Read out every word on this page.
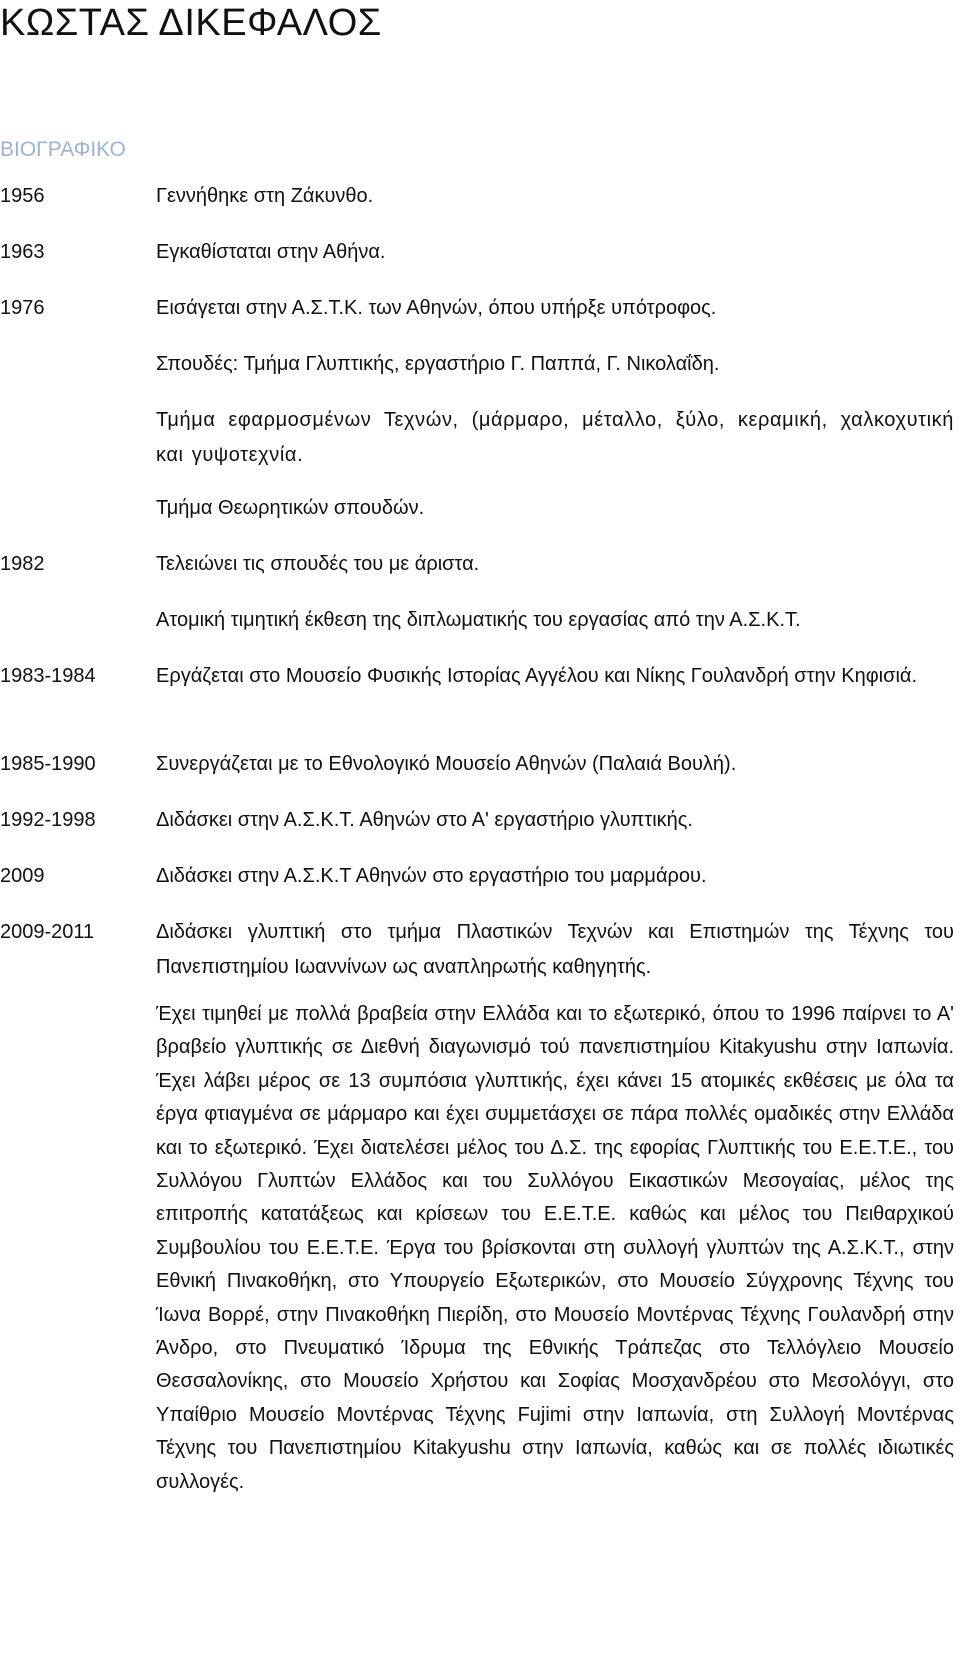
ΚΩΣΤΑΣ ΔΙΚΕΦΑΛΟΣ
ΒΙΟΓΡΑΦΙΚΟ
1956	Γεννήθηκε στη Ζάκυνθο.
1963	Εγκαθίσταται στην Αθήνα.
1976	Εισάγεται στην Α.Σ.Τ.Κ. των Αθηνών, όπου υπήρξε υπότροφος.
Σπουδές: Τμήμα Γλυπτικής, εργαστήριο Γ. Παππά, Γ. Νικολαΐδη.
Τμήμα εφαρμοσμένων Τεχνών, (μάρμαρο, μέταλλο, ξύλο, κεραμική, χαλκοχυτική και γυψοτεχνία.
Τμήμα Θεωρητικών σπουδών.
1982	Τελειώνει τις σπουδές του με άριστα.
Ατομική τιμητική έκθεση της διπλωματικής του εργασίας από την Α.Σ.Κ.Τ.
1983-1984	Εργάζεται στο Μουσείο Φυσικής Ιστορίας Αγγέλου και Νίκης Γουλανδρή στην Κηφισιά.
1985-1990	Συνεργάζεται με το Εθνολογικό Μουσείο Αθηνών (Παλαιά Βουλή).
1992-1998	Διδάσκει στην Α.Σ.Κ.Τ. Αθηνών στο Α' εργαστήριο γλυπτικής.
2009	Διδάσκει στην Α.Σ.Κ.Τ Αθηνών στο εργαστήριο του μαρμάρου.
2009-2011	Διδάσκει γλυπτική στο τμήμα Πλαστικών Τεχνών και Επιστημών της Τέχνης του Πανεπιστημίου Ιωαννίνων ως αναπληρωτής καθηγητής.

Έχει τιμηθεί με πολλά βραβεία στην Ελλάδα και το εξωτερικό, όπου το 1996 παίρνει το Α' βραβείο γλυπτικής σε Διεθνή διαγωνισμό τού πανεπιστημίου Kitakyushu στην Ιαπωνία. Έχει λάβει μέρος σε 13 συμπόσια γλυπτικής, έχει κάνει 15 ατομικές εκθέσεις με όλα τα έργα φτιαγμένα σε μάρμαρο και έχει συμμετάσχει σε πάρα πολλές ομαδικές στην Ελλάδα και το εξωτερικό. Έχει διατελέσει μέλος του Δ.Σ. της εφορίας Γλυπτικής του Ε.Ε.Τ.Ε., του Συλλόγου Γλυπτών Ελλάδος και του Συλλόγου Εικαστικών Μεσογαίας, μέλος της επιτροπής κατατάξεως και κρίσεων του Ε.Ε.Τ.Ε. καθώς και μέλος του Πειθαρχικού Συμβουλίου του Ε.Ε.Τ.Ε. Έργα του βρίσκονται στη συλλογή γλυπτών της Α.Σ.Κ.Τ., στην Εθνική Πινακοθήκη, στο Υπουργείο Εξωτερικών, στο Μουσείο Σύγχρονης Τέχνης του Ίωνα Βορρέ, στην Πινακοθήκη Πιερίδη, στο Μουσείο Μοντέρνας Τέχνης Γουλανδρή στην Άνδρο, στο Πνευματικό Ίδρυμα της Εθνικής Τράπεζας στο Τελλόγλειο Μουσείο Θεσσαλονίκης, στο Μουσείο Χρήστου και Σοφίας Μοσχανδρέου στο Μεσολόγγι, στο Υπαίθριο Μουσείο Μοντέρνας Τέχνης Fujimi στην Ιαπωνία, στη Συλλογή Μοντέρνας Τέχνης του Πανεπιστημίου Kitakyushu στην Ιαπωνία, καθώς και σε πολλές ιδιωτικές συλλογές.
